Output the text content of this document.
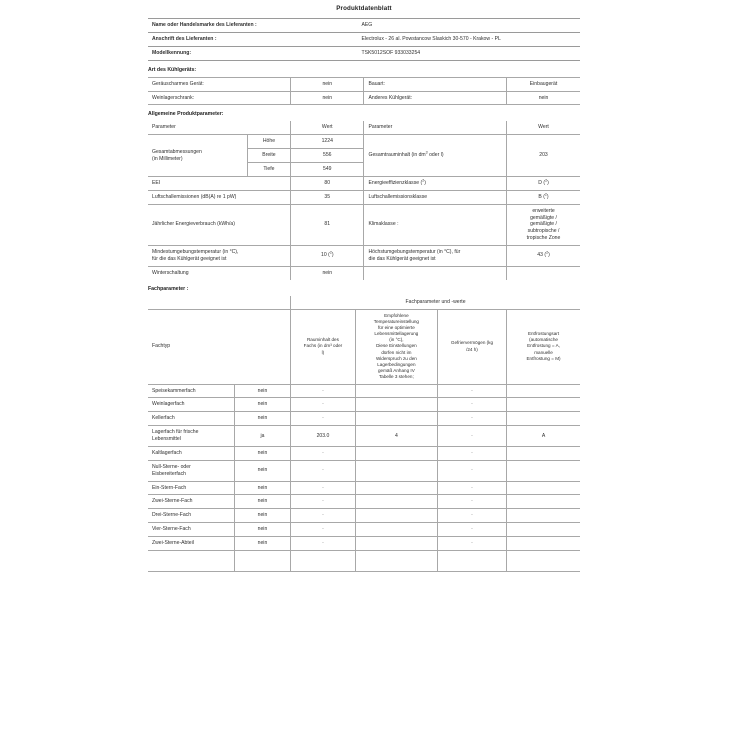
Produktdatenblatt
Name oder Handelsmarke des Lieferanten :	AEG
Anschrift des Lieferanten :	Electrolux - 26 al. Powstancow Slaskich 30-570 - Krakow - PL
Modellkennung:	TSK5012SOF 933033254
Art des Kühlgeräts:
Geräuscharmes Gerät:	nein	Bauart:	Einbaugerät
Weinlagerschrank:	nein	Anderes Kühlgerät:	nein
Allgemeine Produktparameter:
Parameter		Wert	Parameter	Wert
Gesamtabmessungen
(in Millimeter)	Höhe	1224	Gesamtrauminhalt (in $dm^3$ oder l)	203
	Breite	556		
	Tiefe	549		
EEI		80	Energieeffizienzklasse ($^2$)	D ($^2$)
Luftschallemissionen (dB(A) re 1 pW)		35	Luftschallemissionsklasse	B ($^2$)
Jährlicher Energieverbrauch (kWh/a)		81	Klimaklasse :	erweiterte
gemäßigte /
gemäßigte /
subtropische /
tropische Zone
Mindestumgebungstemperatur (in °C),
für die das Kühlgerät geeignet ist		10 ($^2$)	Höchstumgebungstemperatur (in °C), für
die das Kühlgerät geeignet ist	43 ($^2$)
Winterschaltung		nein		
Fachparameter :
		Fachparameter und -werte			
Fachtyp	Rauminhalt des
Fachs (in dm³ oder
l)	Empfohlene
Temperatureinstellung
für eine optimierte
Lebensmittellagerung
(in °C),
Diese Einstellungen
dürfen nicht im
Widerspruch zu den
Lagerbedingungen
gemäß Anhang IV
Tabelle 3 stehen;	Gefriervermögen (kg
/24 h)	Entfrostungsart
(automatische
Entfrostung = A,
manuelle
Entfrostung = M)
Speisekammerfach	nein	-		-	
Weinlagerfach	nein	-		-	
Kellerfach	nein	-		-	
Lagerfach für frische
Lebensmittel	ja	203.0	4	-	A
Kaltlagerfach	nein	-		-	
Null-Sterne- oder
Eisbereiterfach	nein	-		-	
Ein-Stern-Fach	nein	-		-	
Zwei-Sterne-Fach	nein	-		-	
Drei-Sterne-Fach	nein	-		-	
Vier-Sterne-Fach	nein	-		-	
Zwei-Sterne-Abteil	nein	-		-	
